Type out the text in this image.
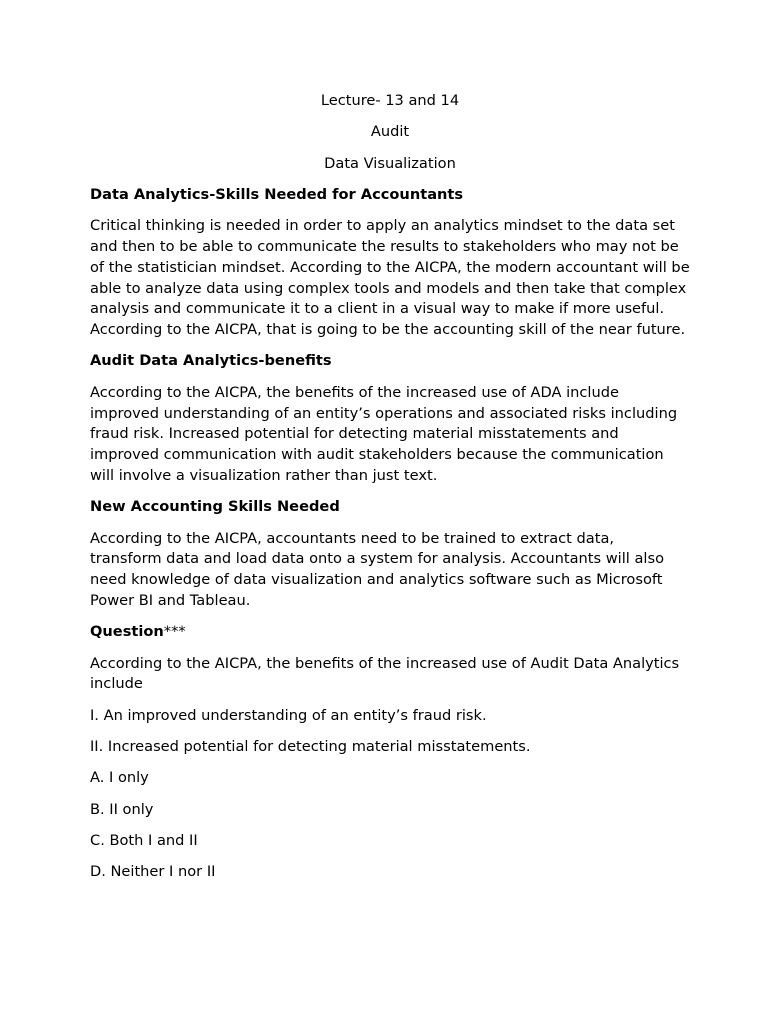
Lecture- 13 and 14
Audit
Data Visualization
Data Analytics-Skills Needed for Accountants
Critical thinking is needed in order to apply an analytics mindset to the data set and then to be able to communicate the results to stakeholders who may not be of the statistician mindset. According to the AICPA, the modern accountant will be able to analyze data using complex tools and models and then take that complex analysis and communicate it to a client in a visual way to make if more useful. According to the AICPA, that is going to be the accounting skill of the near future.
Audit Data Analytics-benefits
According to the AICPA, the benefits of the increased use of ADA include improved understanding of an entity’s operations and associated risks including fraud risk. Increased potential for detecting material misstatements and improved communication with audit stakeholders because the communication will involve a visualization rather than just text.
New Accounting Skills Needed
According to the AICPA, accountants need to be trained to extract data, transform data and load data onto a system for analysis. Accountants will also need knowledge of data visualization and analytics software such as Microsoft Power BI and Tableau.
Question***
According to the AICPA, the benefits of the increased use of Audit Data Analytics include
I. An improved understanding of an entity’s fraud risk.
II. Increased potential for detecting material misstatements.
A. I only
B. II only
C. Both I and II
D. Neither I nor II
